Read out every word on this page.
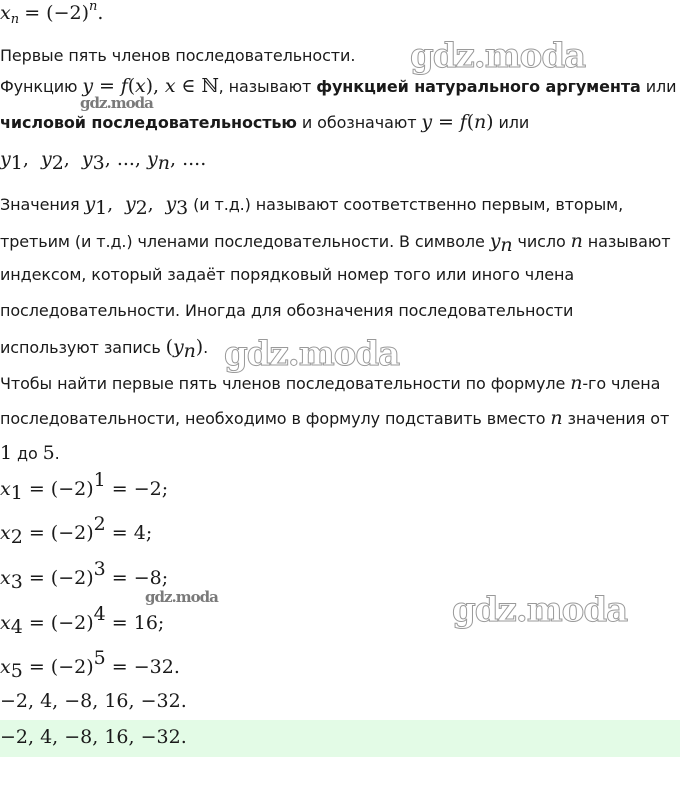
$x_n = (-2)^n$.
Первые пять членов последовательности.
Функцию y = f(x), x ∈ ℕ, называют функцией натурального аргумента или
числовой последовательностью и обозначают y = f(n) или
$y_1$,  $y_2$,  $y_3$, ..., $y_n$, ....
Значения $y_1$,  $y_2$,  $y_3$ (и т.д.) называют соответственно первым, вторым,
третьим (и т.д.) членами последовательности. В символе $y_n$ число n называют
индексом, который задаёт порядковый номер того или иного члена
последовательности. Иногда для обозначения последовательности
используют запись $(y_n)$.
Чтобы найти первые пять членов последовательности по формуле n-го члена
последовательности, необходимо в формулу подставить вместо n значения от
1 до 5.
$x_1 = (-2)^1 = -2$;
$x_2 = (-2)^2 = 4$;
$x_3 = (-2)^3 = -8$;
$x_4 = (-2)^4 = 16$;
$x_5 = (-2)^5 = -32$.
−2, 4, −8, 16, −32.
−2, 4, −8, 16, −32.
gdz.moda
gdz.moda
gdz.moda
gdz.moda	gdz.moda
